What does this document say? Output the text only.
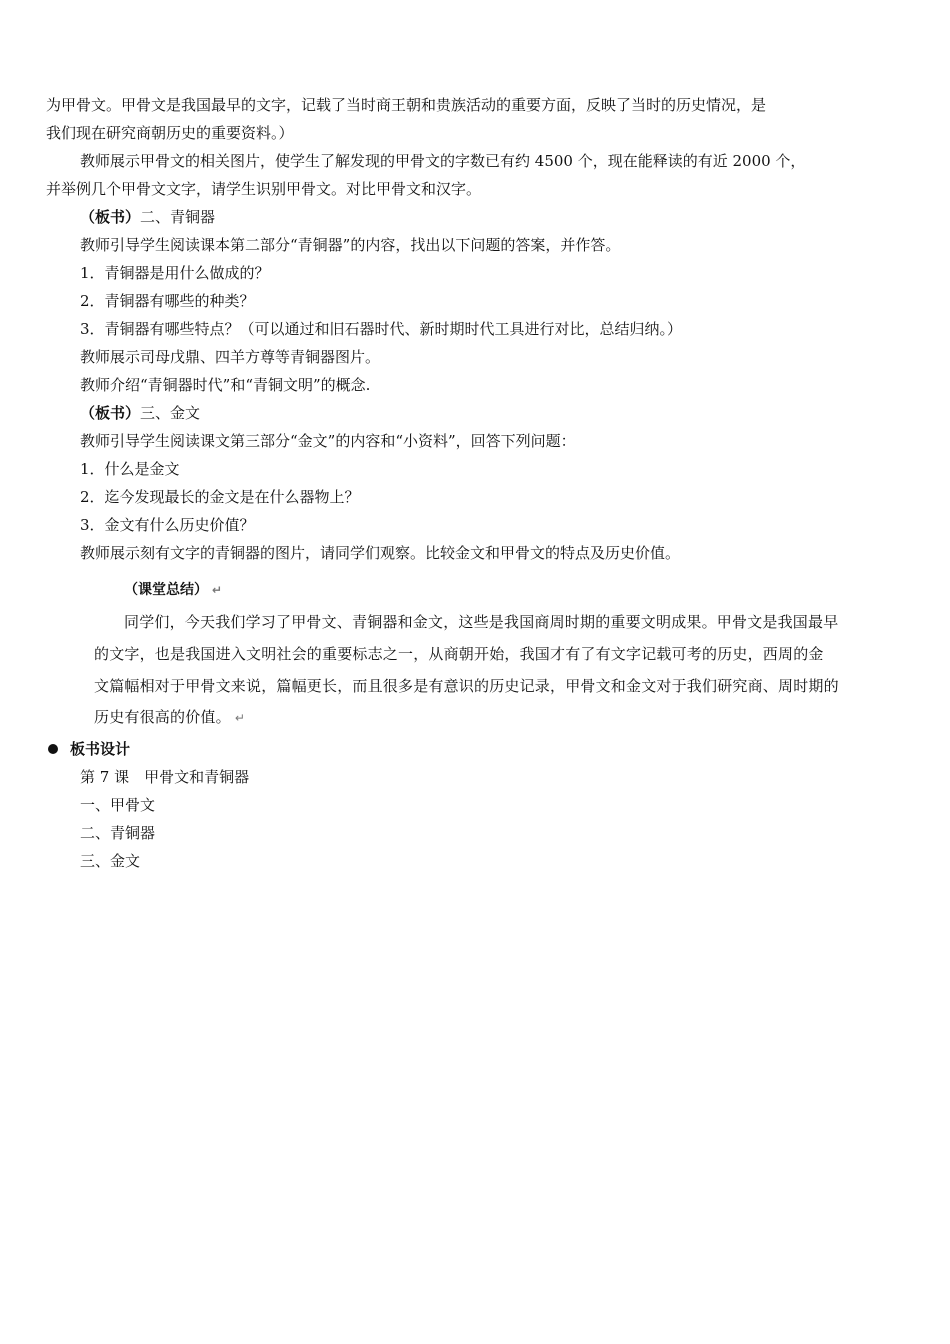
为甲骨文。甲骨文是我国最早的文字，记载了当时商王朝和贵族活动的重要方面，反映了当时的历史情况，是
我们现在研究商朝历史的重要资料。）
教师展示甲骨文的相关图片，使学生了解发现的甲骨文的字数已有约 4500 个，现在能释读的有近 2000 个，
并举例几个甲骨文文字，请学生识别甲骨文。对比甲骨文和汉字。
（板书）二、青铜器
教师引导学生阅读课本第二部分“青铜器”的内容，找出以下问题的答案，并作答。
1．青铜器是用什么做成的？
2．青铜器有哪些的种类？
3．青铜器有哪些特点？（可以通过和旧石器时代、新时期时代工具进行对比，总结归纳。）
教师展示司母戊鼎、四羊方尊等青铜器图片。
教师介绍“青铜器时代”和“青铜文明”的概念.
（板书）三、金文
教师引导学生阅读课文第三部分“金文”的内容和“小资料”，回答下列问题：
1．什么是金文
2．迄今发现最长的金文是在什么器物上？
3．金文有什么历史价值？
教师展示刻有文字的青铜器的图片，请同学们观察。比较金文和甲骨文的特点及历史价值。
（课堂总结） ↵
同学们，今天我们学习了甲骨文、青铜器和金文，这些是我国商周时期的重要文明成果。甲骨文是我国最早
的文字，也是我国进入文明社会的重要标志之一，从商朝开始，我国才有了有文字记载可考的历史，西周的金
文篇幅相对于甲骨文来说，篇幅更长，而且很多是有意识的历史记录，甲骨文和金文对于我们研究商、周时期的
历史有很高的价值。 ↵
板书设计
第 7 课　甲骨文和青铜器
一、甲骨文
二、青铜器
三、金文
